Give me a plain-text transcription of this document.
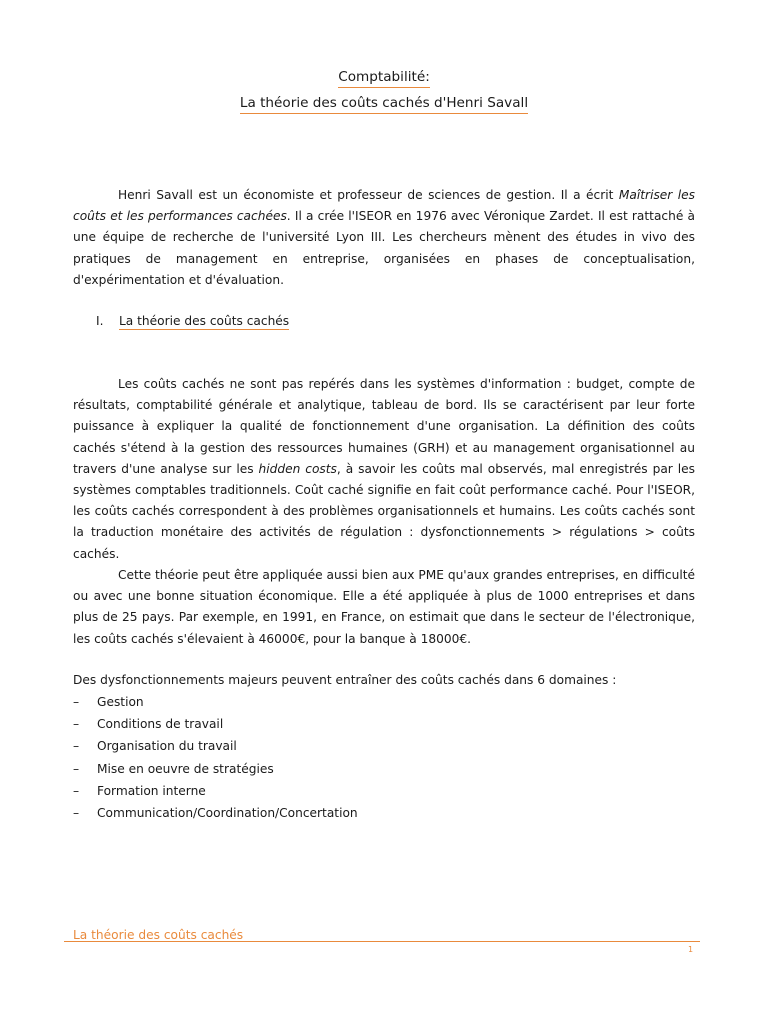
Comptabilité:
La théorie des coûts cachés d'Henri Savall

Henri Savall est un économiste et professeur de sciences de gestion. Il a écrit Maîtriser les coûts et les performances cachées. Il a crée l'ISEOR en 1976 avec Véronique Zardet. Il est rattaché à une équipe de recherche de l'université Lyon III. Les chercheurs mènent des études in vivo des pratiques de management en entreprise, organisées en phases de conceptualisation, d'expérimentation et d'évaluation.

I. La théorie des coûts cachés

Les coûts cachés ne sont pas repérés dans les systèmes d'information : budget, compte de résultats, comptabilité générale et analytique, tableau de bord. Ils se caractérisent par leur forte puissance à expliquer la qualité de fonctionnement d'une organisation. La définition des coûts cachés s'étend à la gestion des ressources humaines (GRH) et au management organisationnel au travers d'une analyse sur les hidden costs, à savoir les coûts mal observés, mal enregistrés par les systèmes comptables traditionnels. Coût caché signifie en fait coût performance caché. Pour l'ISEOR, les coûts cachés correspondent à des problèmes organisationnels et humains. Les coûts cachés sont la traduction monétaire des activités de régulation : dysfonctionnements > régulations > coûts cachés.

Cette théorie peut être appliquée aussi bien aux PME qu'aux grandes entreprises, en difficulté ou avec une bonne situation économique. Elle a été appliquée à plus de 1000 entreprises et dans plus de 25 pays. Par exemple, en 1991, en France, on estimait que dans le secteur de l'électronique, les coûts cachés s'élevaient à 46000€, pour la banque à 18000€.

Des dysfonctionnements majeurs peuvent entraîner des coûts cachés dans 6 domaines :

–	Gestion
–	Conditions de travail
–	Organisation du travail
–	Mise en oeuvre de stratégies
–	Formation interne
–	Communication/Coordination/Concertation
La théorie des coûts cachés
1
